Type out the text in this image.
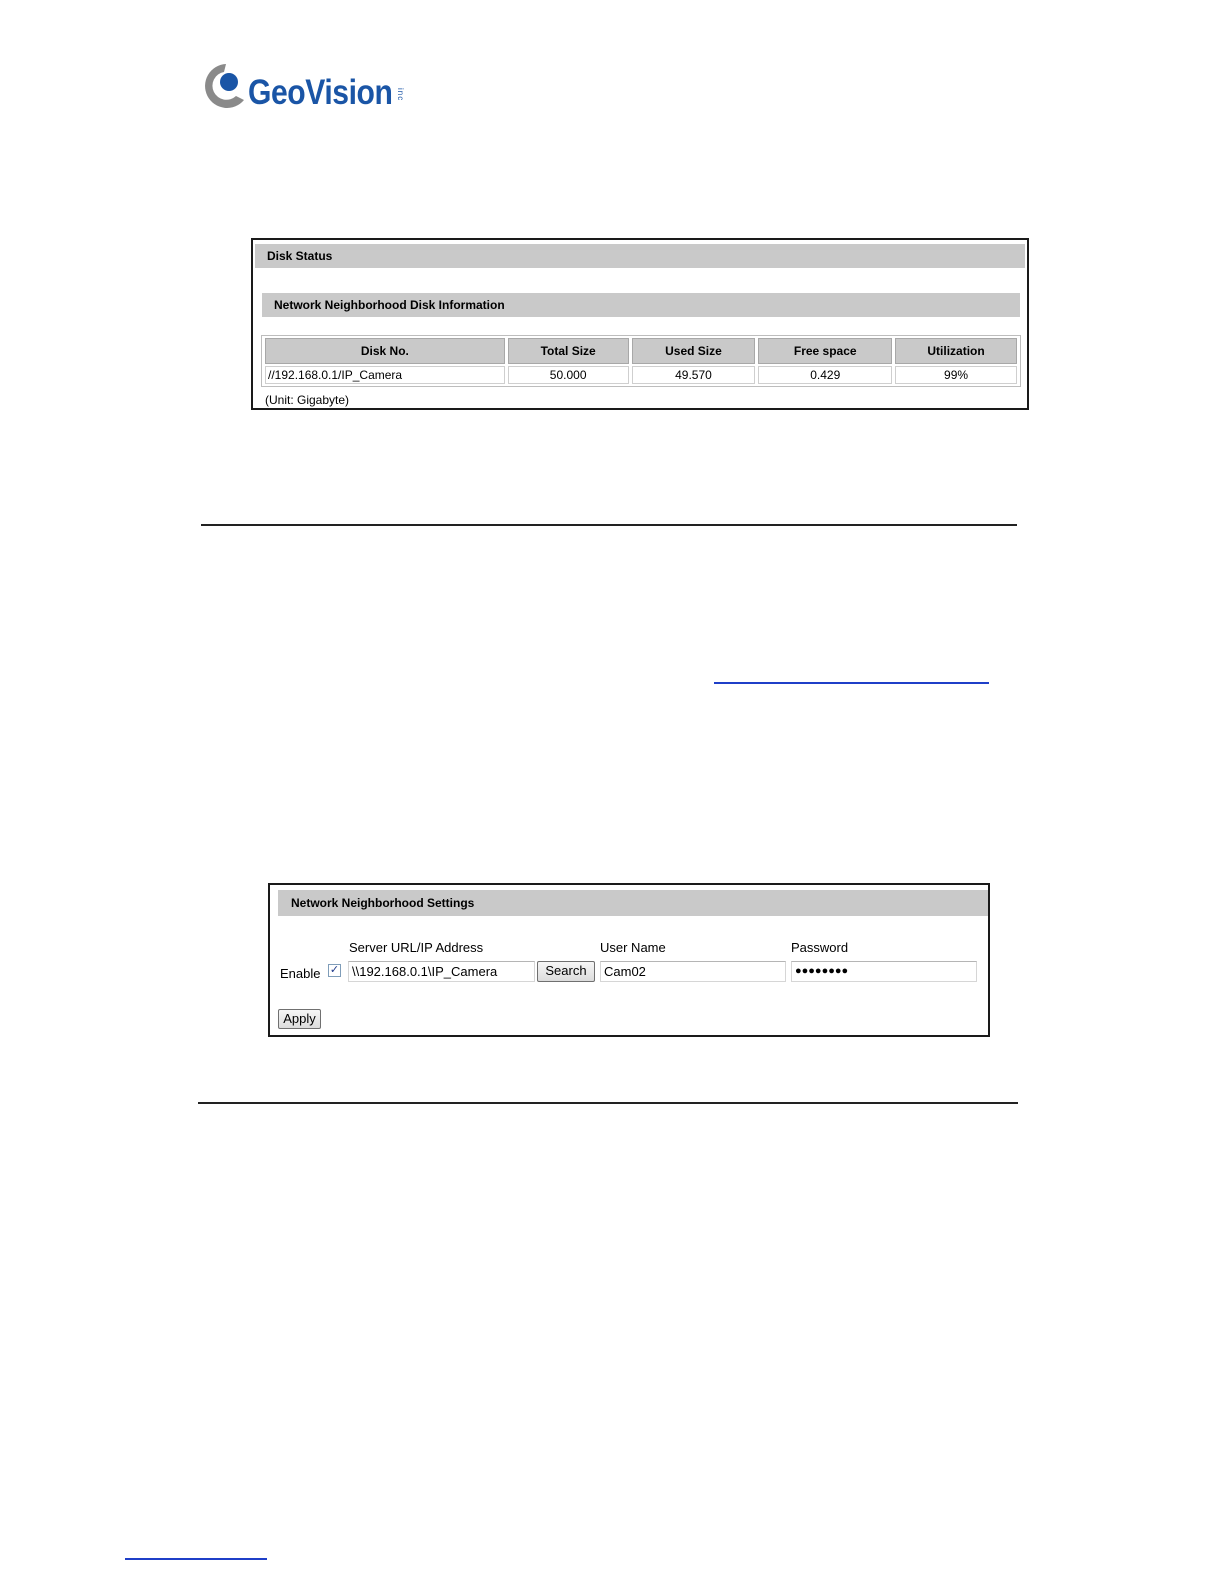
GeoVision inc
Disk Status
Network Neighborhood Disk Information
Disk No.	Total Size	Used Size	Free space	Utilization
//192.168.0.1/IP_Camera	50.000	49.570	0.429	99%
(Unit: Gigabyte)
Network Neighborhood Settings
Server URL/IP Address	User Name	Password
Enable ✓ \\192.168.0.1\IP_Camera	Search	Cam02	●●●●●●●●
Apply
